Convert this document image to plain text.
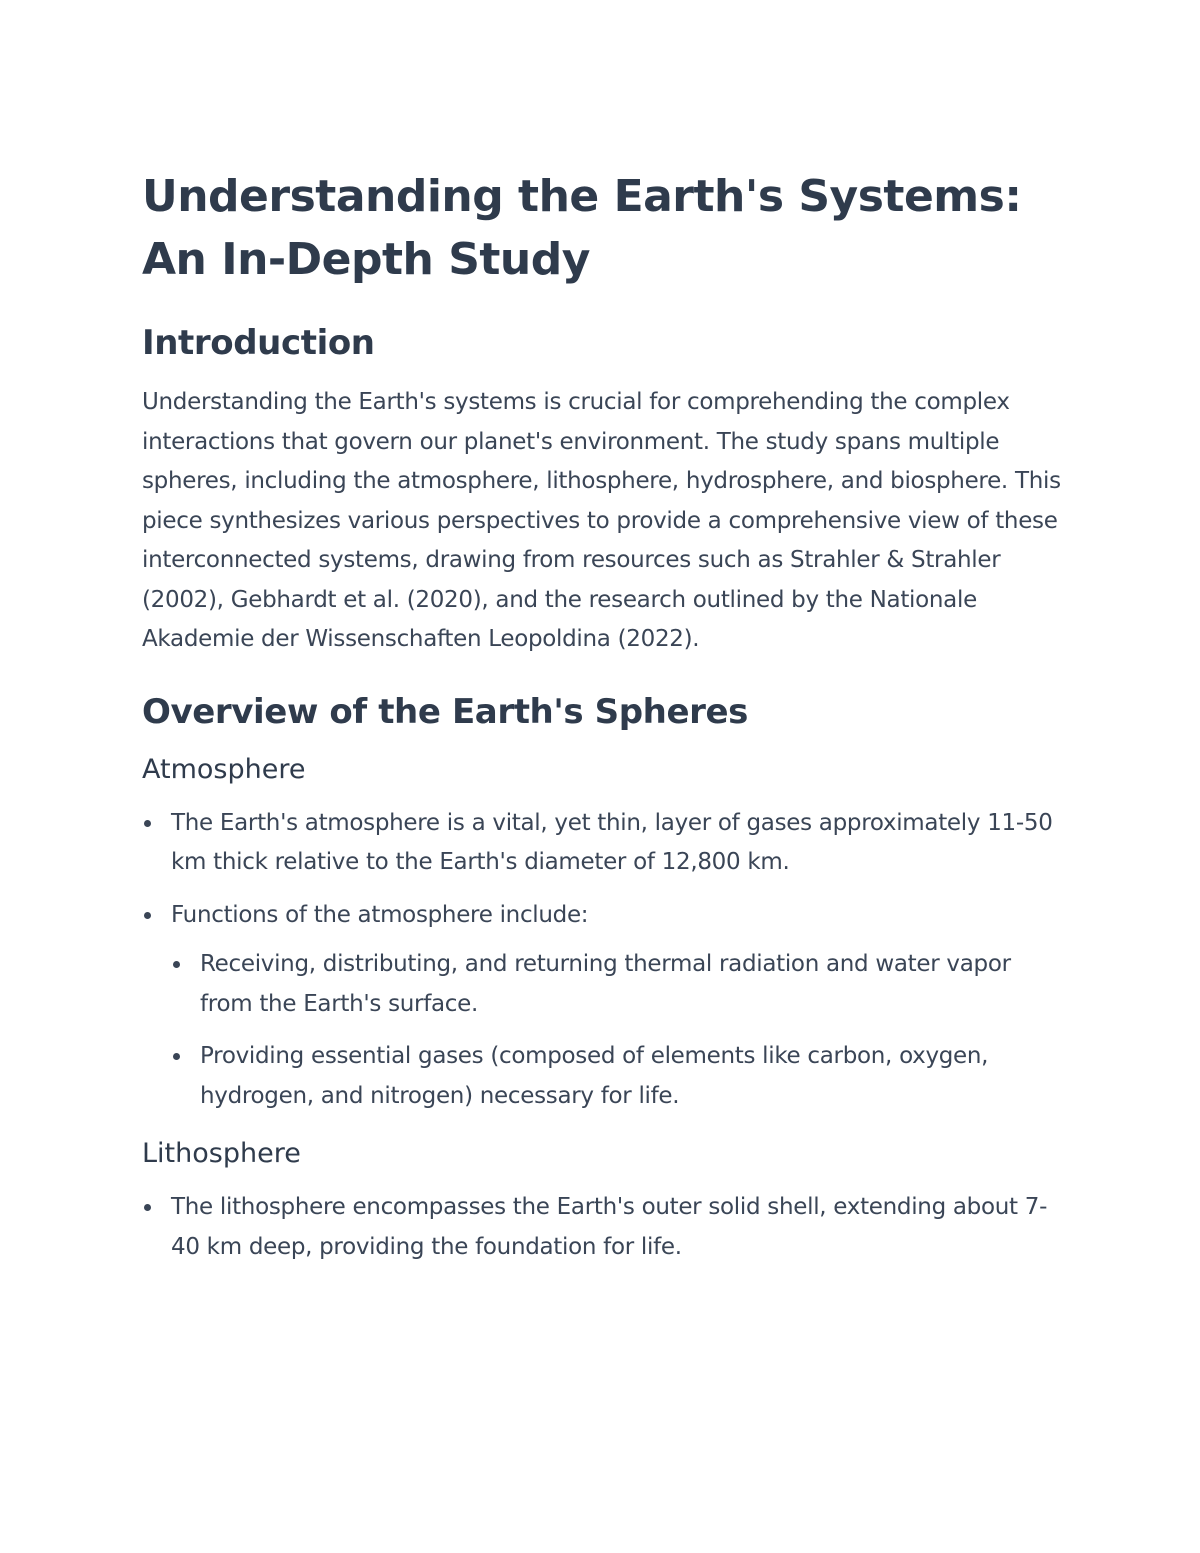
Understanding the Earth's Systems: An In-Depth Study
Introduction

Understanding the Earth's systems is crucial for comprehending the complex interactions that govern our planet's environment. The study spans multiple spheres, including the atmosphere, lithosphere, hydrosphere, and biosphere. This piece synthesizes various perspectives to provide a comprehensive view of these interconnected systems, drawing from resources such as Strahler & Strahler (2002), Gebhardt et al. (2020), and the research outlined by the Nationale Akademie der Wissenschaften Leopoldina (2022).

Overview of the Earth's Spheres
Atmosphere
The Earth's atmosphere is a vital, yet thin, layer of gases approximately 11-50 km thick relative to the Earth's diameter of 12,800 km.
Functions of the atmosphere include:
Receiving, distributing, and returning thermal radiation and water vapor from the Earth's surface.
Providing essential gases (composed of elements like carbon, oxygen, hydrogen, and nitrogen) necessary for life.
Lithosphere
The lithosphere encompasses the Earth's outer solid shell, extending about 7-40 km deep, providing the foundation for life.
